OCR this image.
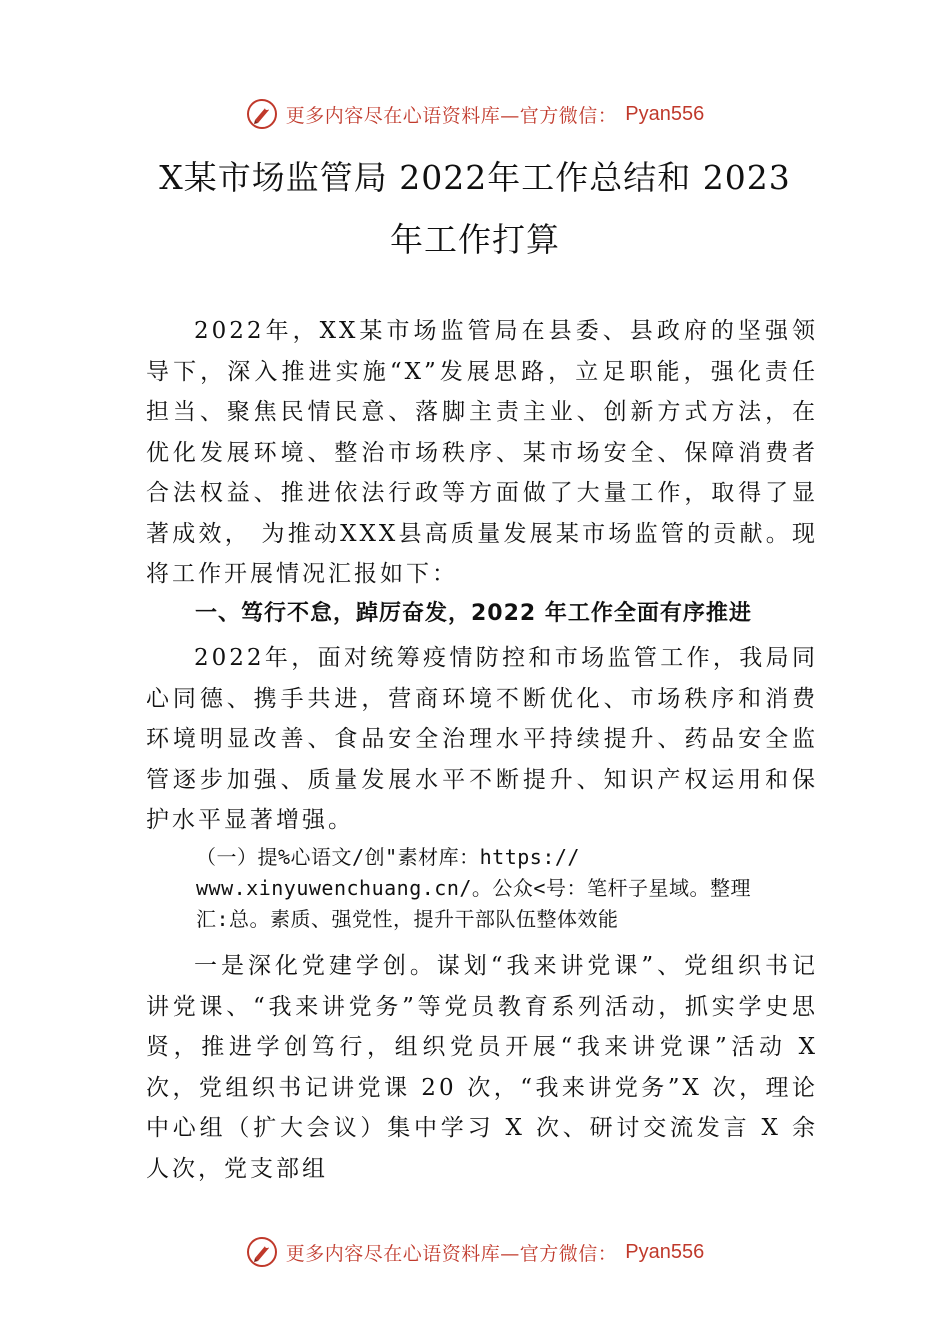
更多内容尽在心语资料库—官方微信： Pyan556
X某市场监管局 2022年工作总结和 2023
年工作打算

2022年，XX某市场监管局在县委、县政府的坚强领导下，深入推进实施“X”发展思路，立足职能，强化责任担当、聚焦民情民意、落脚主责主业、创新方式方法，在优化发展环境、整治市场秩序、某市场安全、保障消费者合法权益、推进依法行政等方面做了大量工作，取得了显著成效， 为推动XXX县高质量发展某市场监管的贡献。现将工作开展情况汇报如下：

一、笃行不怠，踔厉奋发，2022 年工作全面有序推进

2022年，面对统筹疫情防控和市场监管工作，我局同心同德、携手共进，营商环境不断优化、市场秩序和消费环境明显改善、食品安全治理水平持续提升、药品安全监管逐步加强、质量发展水平不断提升、知识产权运用和保护水平显著增强。

（一）提%心语文/创"素材库：https://
www.xinyuwenchuang.cn/。公众<号：笔杆子星域。整理
汇:总。素质、强党性，提升干部队伍整体效能

一是深化党建学创。谋划“我来讲党课”、党组织书记讲党课、“我来讲党务”等党员教育系列活动，抓实学史思贤，推进学创笃行，组织党员开展“我来讲党课”活动 X 次，党组织书记讲党课 20 次，“我来讲党务”X 次，理论中心组（扩大会议）集中学习 X 次、研讨交流发言 X 余人次，党支部组

更多内容尽在心语资料库—官方微信： Pyan556
